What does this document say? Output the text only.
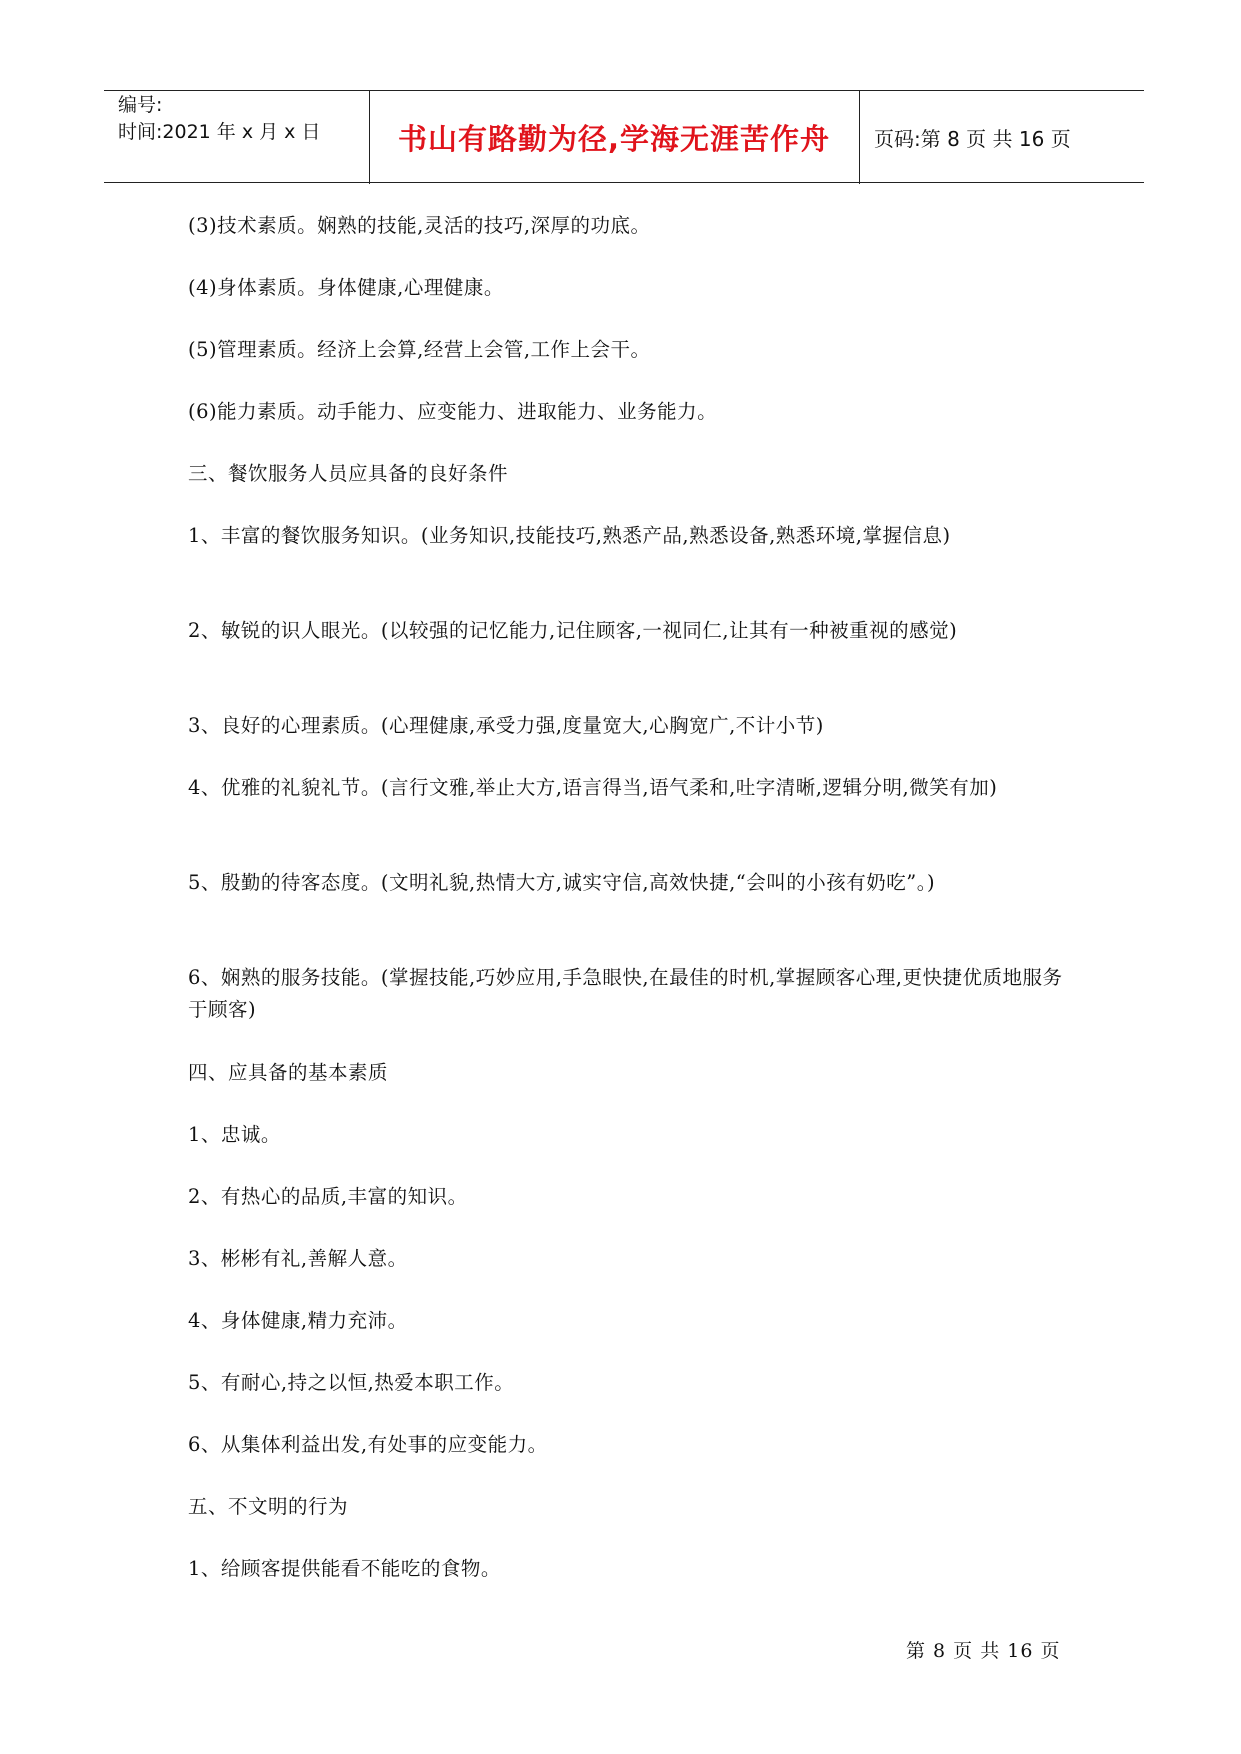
编号:
时间:2021 年 x 月 x 日	书山有路勤为径,学海无涯苦作舟	页码:第 8 页 共 16 页

(3)技术素质。娴熟的技能,灵活的技巧,深厚的功底。

(4)身体素质。身体健康,心理健康。

(5)管理素质。经济上会算,经营上会管,工作上会干。

(6)能力素质。动手能力、应变能力、进取能力、业务能力。

三、餐饮服务人员应具备的良好条件

1、丰富的餐饮服务知识。(业务知识,技能技巧,熟悉产品,熟悉设备,熟悉环境,掌握信息)

2、敏锐的识人眼光。(以较强的记忆能力,记住顾客,一视同仁,让其有一种被重视的感觉)

3、良好的心理素质。(心理健康,承受力强,度量宽大,心胸宽广,不计小节)

4、优雅的礼貌礼节。(言行文雅,举止大方,语言得当,语气柔和,吐字清晰,逻辑分明,微笑有加)

5、殷勤的待客态度。(文明礼貌,热情大方,诚实守信,高效快捷,“会叫的小孩有奶吃”。)

6、娴熟的服务技能。(掌握技能,巧妙应用,手急眼快,在最佳的时机,掌握顾客心理,更快捷优质地服务于顾客)

四、应具备的基本素质

1、忠诚。

2、有热心的品质,丰富的知识。

3、彬彬有礼,善解人意。

4、身体健康,精力充沛。

5、有耐心,持之以恒,热爱本职工作。

6、从集体利益出发,有处事的应变能力。

五、不文明的行为

1、给顾客提供能看不能吃的食物。

第 8 页 共 16 页
